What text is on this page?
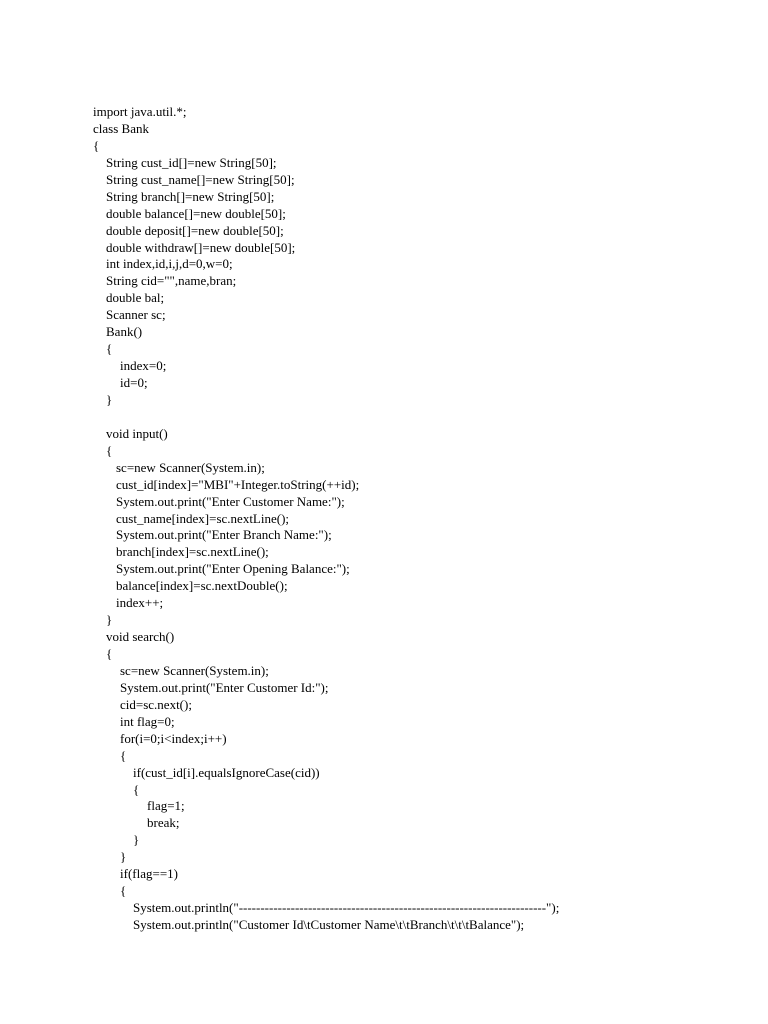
import java.util.*;
class Bank
{
String cust_id[]=new String[50];
String cust_name[]=new String[50];
String branch[]=new String[50];
double balance[]=new double[50];
double deposit[]=new double[50];
double withdraw[]=new double[50];
int index,id,i,j,d=0,w=0;
String cid="",name,bran;
double bal;
Scanner sc;
Bank()
{
index=0;
id=0;
}
void input()
{
sc=new Scanner(System.in);
cust_id[index]="MBI"+Integer.toString(++id);
System.out.print("Enter Customer Name:");
cust_name[index]=sc.nextLine();
System.out.print("Enter Branch Name:");
branch[index]=sc.nextLine();
System.out.print("Enter Opening Balance:");
balance[index]=sc.nextDouble();
index++;
}
void search()
{
sc=new Scanner(System.in);
System.out.print("Enter Customer Id:");
cid=sc.next();
int flag=0;
for(i=0;i<index;i++)
{
if(cust_id[i].equalsIgnoreCase(cid))
{
flag=1;
break;
}
}
if(flag==1)
{
System.out.println("-----------------------------------------------------------------------");
System.out.println("Customer Id\tCustomer Name\t\tBranch\t\t\tBalance");
